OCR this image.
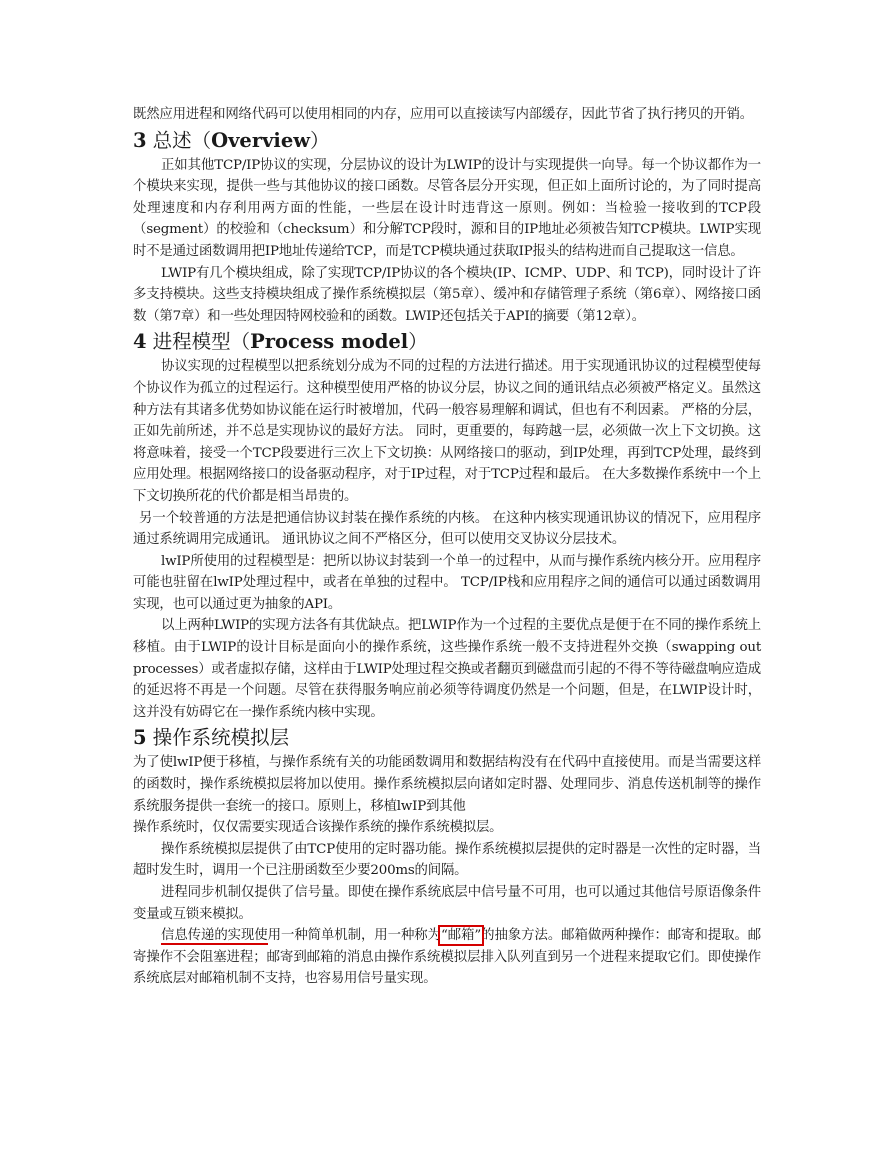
既然应用进程和网络代码可以使用相同的内存，应用可以直接读写内部缓存，因此节省了执行拷贝的开销。

3 总述（Overview）

正如其他TCP/IP协议的实现，分层协议的设计为LWIP的设计与实现提供一向导。每一个协议都作为一个模块来实现，提供一些与其他协议的接口函数。尽管各层分开实现，但正如上面所讨论的，为了同时提高处理速度和内存利用两方面的性能，一些层在设计时违背这一原则。例如：当检验一接收到的TCP段（segment）的校验和（checksum）和分解TCP段时，源和目的IP地址必须被告知TCP模块。LWIP实现时不是通过函数调用把IP地址传递给TCP，而是TCP模块通过获取IP报头的结构进而自己提取这一信息。

LWIP有几个模块组成，除了实现TCP/IP协议的各个模块(IP、ICMP、UDP、和 TCP)，同时设计了许多支持模块。这些支持模块组成了操作系统模拟层（第5章）、缓冲和存储管理子系统（第6章）、网络接口函数（第7章）和一些处理因特网校验和的函数。LWIP还包括关于API的摘要（第12章）。

4 进程模型（Process model）

协议实现的过程模型以把系统划分成为不同的过程的方法进行描述。用于实现通讯协议的过程模型使每个协议作为孤立的过程运行。这种模型使用严格的协议分层，协议之间的通讯结点必须被严格定义。虽然这种方法有其诸多优势如协议能在运行时被增加，代码一般容易理解和调试，但也有不利因素。 严格的分层，正如先前所述，并不总是实现协议的最好方法。 同时，更重要的，每跨越一层，必须做一次上下文切换。这将意味着，接受一个TCP段要进行三次上下文切换：从网络接口的驱动，到IP处理，再到TCP处理，最终到应用处理。根据网络接口的设备驱动程序，对于IP过程，对于TCP过程和最后。 在大多数操作系统中一个上下文切换所花的代价都是相当昂贵的。

另一个较普通的方法是把通信协议封装在操作系统的内核。 在这种内核实现通讯协议的情况下，应用程序通过系统调用完成通讯。 通讯协议之间不严格区分，但可以使用交叉协议分层技术。

lwIP所使用的过程模型是：把所以协议封装到一个单一的过程中，从而与操作系统内核分开。应用程序可能也驻留在lwIP处理过程中，或者在单独的过程中。 TCP/IP栈和应用程序之间的通信可以通过函数调用实现，也可以通过更为抽象的API。

以上两种LWIP的实现方法各有其优缺点。把LWIP作为一个过程的主要优点是便于在不同的操作系统上移植。由于LWIP的设计目标是面向小的操作系统，这些操作系统一般不支持进程外交换（swapping out processes）或者虚拟存储，这样由于LWIP处理过程交换或者翻页到磁盘而引起的不得不等待磁盘响应造成的延迟将不再是一个问题。尽管在获得服务响应前必须等待调度仍然是一个问题，但是，在LWIP设计时，这并没有妨碍它在一操作系统内核中实现。

5 操作系统模拟层

为了使lwIP便于移植，与操作系统有关的功能函数调用和数据结构没有在代码中直接使用。而是当需要这样的函数时，操作系统模拟层将加以使用。操作系统模拟层向诸如定时器、处理同步、消息传送机制等的操作系统服务提供一套统一的接口。原则上，移植lwIP到其他

操作系统时，仅仅需要实现适合该操作系统的操作系统模拟层。

操作系统模拟层提供了由TCP使用的定时器功能。操作系统模拟层提供的定时器是一次性的定时器，当超时发生时，调用一个已注册函数至少要200ms的间隔。

进程同步机制仅提供了信号量。即使在操作系统底层中信号量不可用，也可以通过其他信号原语像条件变量或互锁来模拟。

信息传递的实现使用一种简单机制，用一种称为“邮箱”的抽象方法。邮箱做两种操作：邮寄和提取。邮寄操作不会阻塞进程；邮寄到邮箱的消息由操作系统模拟层排入队列直到另一个进程来提取它们。即使操作系统底层对邮箱机制不支持，也容易用信号量实现。
